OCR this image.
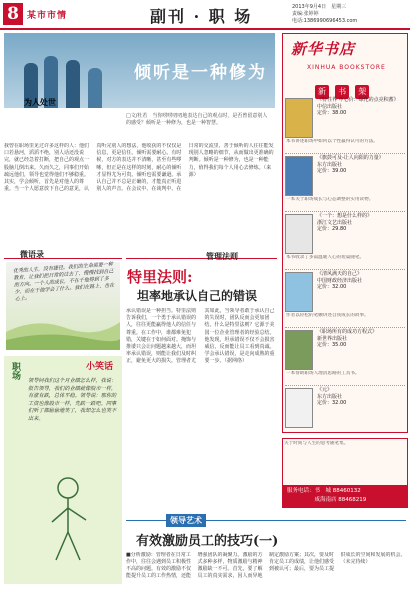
8 某市市情	副刊 · 职 场	2013年9月4日　星期三
责编:张婷婷
电话:1386990696453.com
倾听是一种修为
□文/杜若　当你唠唠叨叨地表达自己的观点时，是否曾留意别人的感受？倾听是一种修为，也是一种智慧。
为人处世
我曾在职场里见过许多这样的人：他们口若悬河，滔滔不绝，别人话还没说完，就已经急着打断，把自己的观点一股脑儿倒出来。久而久之，同事们开始疏远他们，领导也觉得他们不够稳重。其实，学会倾听，首先是对他人的尊重。当一个人愿意放下自己的意见，认真听完别人的想法，他收获的不仅仅是信息，更是信任。倾听需要耐心。有时候，对方的表达并不清晰，甚至有些啰嗦，但正是在这样的时刻，耐心的倾听才显得尤为可贵。倾听也需要谦逊。承认自己并不总是正确的，才能真正听进别人的声音。在会议中、在谈判中、在日常的交流里，善于倾听的人往往能发现别人忽略的细节，从而做出更准确的判断。倾听是一种修为，也是一种能力，值得我们每个人用心去修炼。（来源）
新华书店
XINHUA BOOKSTORE
新 书 架
《特性界 中心价：绿化的点亮积蓄》
中信出版社
定价：38.00
本书讲述职场中如何以个性赢得认可的方法。
《旗鼓可及-让人向阳的力量》
东方出版社
定价：39.00
一本关于职场成长与心态调整的实用读物。
《一个：想是什么样的》
浙江文艺出版社
定价：29.80
本书收录了多篇温暖人心的短篇随笔。
《清风满天的自己》
中国财政经济出版社
定价：32.00
作者以轻松的笔触讲述自我成长的故事。
《职场所有的成功方程式》
新世界出版社
定价：35.00
一本帮助职场人理清思路的工具书。
《元》
东方出版社
定价：32.00
关于时间与人生的思考随笔集。
服务电话：书　城 88460132
　　　　　咸海南店 88468219
微语录
优秀的人生，没有捷径。我们的生命需要一种教育，让我们把日常的过去了，慢慢找到自己的方向。一个人的成长，不在于他得到了多少，而在于他学会了什么。我们在路上，也在心上。
管理法则
特里法则:
坦率地承认自己的错误
承认错误是一种担当。特里法则告诉我们，一个勇于承认错误的人，往往更能赢得他人的信任与尊重。在工作中，谁都难免犯错，关键在于如何面对。掩饰与推诿只会让问题越来越大，而坦率承认错误，则能让我们及时纠正，避免更大的损失。管理者尤其如此，当领导者敢于承认自己的失误时，团队反而会更加团结。什么是特里法则？它源于美国一位企业管理者的经验总结。他发现，坦承错误不仅不会损害威信，反而能让员工看到真诚。学会承认错误，是走向成熟的重要一步。（据网络）
职场	小笑话
领导问我们这个月业绩怎么样，我说：报告领导，我们的业绩就像股市一样，有涨有跌，总体平稳。领导说：那你的工资也像股市一样，先跌一跌吧。同事们听了都偷偷地笑了，我却怎么也笑不出来。
领导艺术
有效激励员工的技巧(一)
■分析激励：管理者在日常工作中，往往会遇到员工积极性不高的问题。有效的激励不仅能提升员工的工作热情，还能增强团队的凝聚力。激励的方式多种多样，物质激励与精神激励缺一不可。首先，要了解员工的真实需求，因人而异地制定激励方案；其次，要及时肯定员工的成绩，让他们感受到被认可；最后，要为员工提供成长的空间和发展的机会。（未完待续）
